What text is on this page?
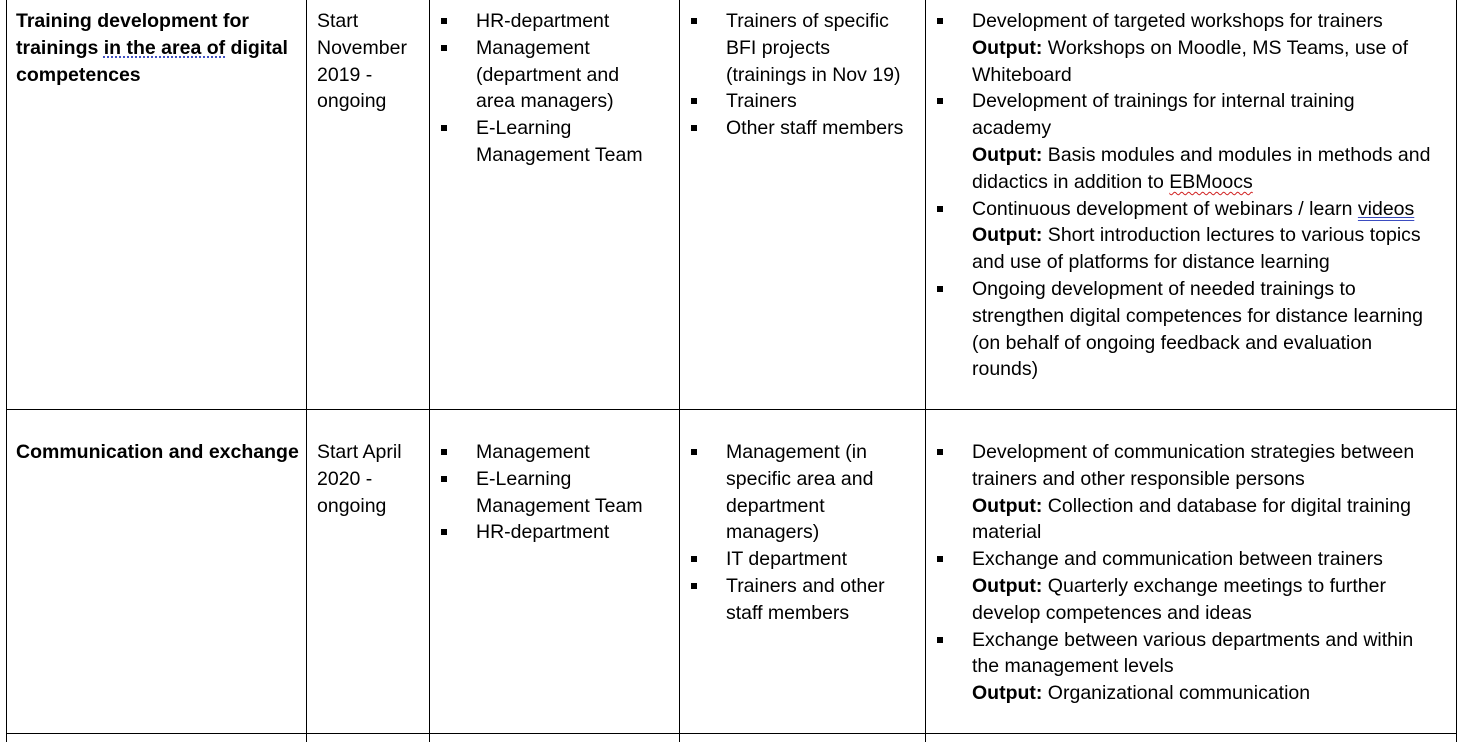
Training development for
trainings in the area of digital
competences
Start
November
2019 -
ongoing
HR-department
Management
(department and
area managers)
E-Learning
Management Team
Trainers of specific
BFI projects
(trainings in Nov 19)
Trainers
Other staff members
Development of targeted workshops for trainers
Output: Workshops on Moodle, MS Teams, use of
Whiteboard
Development of trainings for internal training
academy
Output: Basis modules and modules in methods and
didactics in addition to EBMoocs
Continuous development of webinars / learn videos
Output: Short introduction lectures to various topics
and use of platforms for distance learning
Ongoing development of needed trainings to
strengthen digital competences for distance learning
(on behalf of ongoing feedback and evaluation
rounds)
Communication and exchange Start April
2020 -
ongoing
Management
E-Learning
Management Team
HR-department
Management (in
specific area and
department
managers)
IT department
Trainers and other
staff members
Development of communication strategies between
trainers and other responsible persons
Output: Collection and database for digital training
material
Exchange and communication between trainers
Output: Quarterly exchange meetings to further
develop competences and ideas
Exchange between various departments and within
the management levels
Output: Organizational communication
